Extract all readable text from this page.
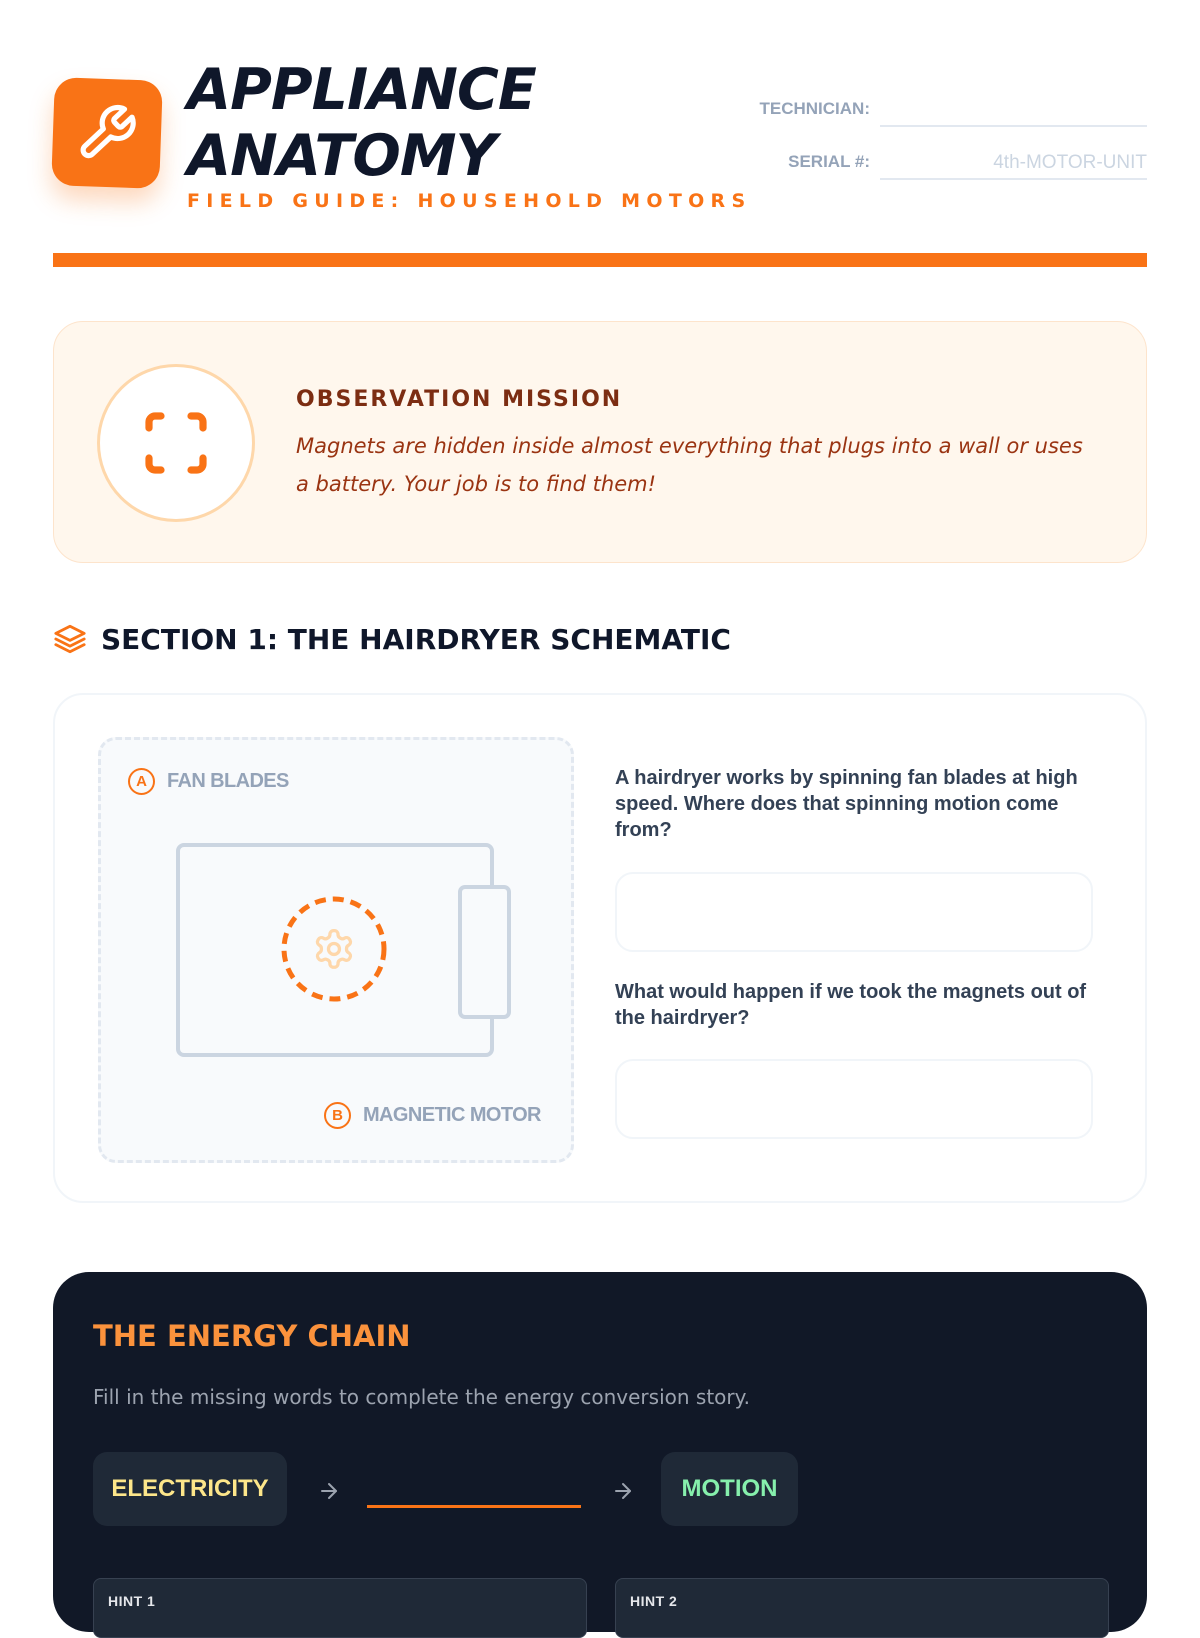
APPLIANCE
ANATOMY
FIELD GUIDE: HOUSEHOLD MOTORS
TECHNICIAN:
SERIAL #:	4th-MOTOR-UNIT
OBSERVATION MISSION
Magnets are hidden inside almost everything that plugs into a wall or uses a battery. Your job is to find them!
SECTION 1: THE HAIRDRYER SCHEMATIC
A	FAN BLADES
B	MAGNETIC MOTOR
A hairdryer works by spinning fan blades at high speed. Where does that spinning motion come from?
What would happen if we took the magnets out of the hairdryer?
THE ENERGY CHAIN
Fill in the missing words to complete the energy conversion story.
ELECTRICITY	MOTION
HINT 1	HINT 2
